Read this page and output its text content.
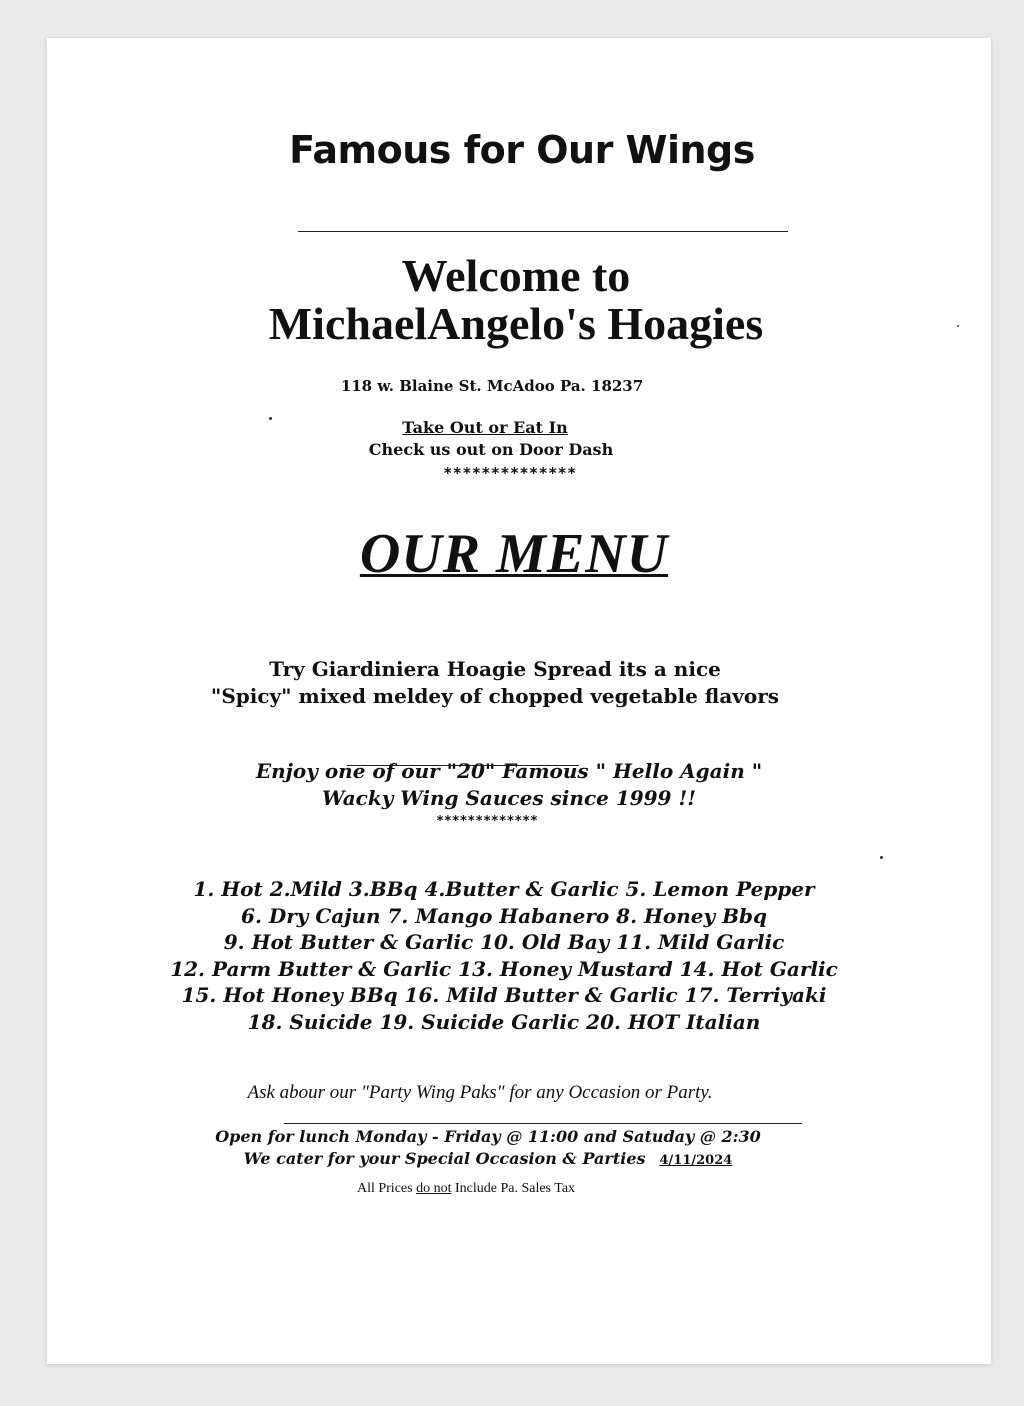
Famous for Our Wings
Welcome to
MichaelAngelo's Hoagies
118 w. Blaine St. McAdoo Pa. 18237
Take Out or Eat In
Check us out on Door Dash
**************
OUR MENU
Try Giardiniera Hoagie Spread its a nice
"Spicy" mixed meldey of chopped vegetable flavors
Enjoy one of our "20" Famous " Hello Again "
Wacky Wing Sauces since 1999 !!
*************
1. Hot 2.Mild 3.BBq 4.Butter & Garlic 5. Lemon Pepper
6. Dry Cajun 7. Mango Habanero 8. Honey Bbq
9. Hot Butter & Garlic 10. Old Bay 11. Mild Garlic
12. Parm Butter & Garlic 13. Honey Mustard 14. Hot Garlic
15. Hot Honey BBq 16. Mild Butter & Garlic 17. Terriyaki
18. Suicide 19. Suicide Garlic 20. HOT Italian
Ask abour our "Party Wing Paks" for any Occasion or Party.
Open for lunch Monday - Friday @ 11:00 and Satuday @ 2:30
We cater for your Special Occasion & Parties 4/11/2024
All Prices do not Include Pa. Sales Tax
